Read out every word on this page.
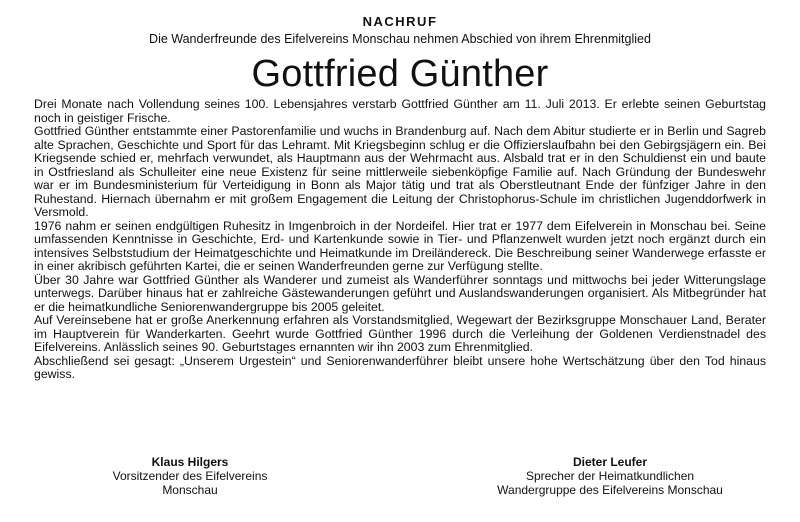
NACHRUF
Die Wanderfreunde des Eifelvereins Monschau nehmen Abschied von ihrem Ehrenmitglied
Gottfried Günther

Drei Monate nach Vollendung seines 100. Lebensjahres verstarb Gottfried Günther am 11. Juli 2013. Er erlebte seinen Geburtstag noch in geistiger Frische.

Gottfried Günther entstammte einer Pastorenfamilie und wuchs in Brandenburg auf. Nach dem Abitur studierte er in Berlin und Sagreb alte Sprachen, Geschichte und Sport für das Lehramt. Mit Kriegsbeginn schlug er die Offizierslaufbahn bei den Gebirgsjägern ein. Bei Kriegsende schied er, mehrfach verwundet, als Hauptmann aus der Wehrmacht aus. Alsbald trat er in den Schuldienst ein und baute in Ostfriesland als Schulleiter eine neue Existenz für seine mittlerweile siebenköpfige Familie auf. Nach Gründung der Bundeswehr war er im Bundesministerium für Verteidigung in Bonn als Major tätig und trat als Oberstleutnant Ende der fünfziger Jahre in den Ruhestand. Hiernach übernahm er mit großem Engagement die Leitung der Christophorus-Schule im christlichen Jugenddorfwerk in Versmold.

1976 nahm er seinen endgültigen Ruhesitz in Imgenbroich in der Nordeifel. Hier trat er 1977 dem Eifelverein in Monschau bei. Seine umfassenden Kenntnisse in Geschichte, Erd- und Kartenkunde sowie in Tier- und Pflanzenwelt wurden jetzt noch ergänzt durch ein intensives Selbststudium der Heimatgeschichte und Heimatkunde im Dreiländereck. Die Beschreibung seiner Wanderwege erfasste er in einer akribisch geführten Kartei, die er seinen Wanderfreunden gerne zur Verfügung stellte.

Über 30 Jahre war Gottfried Günther als Wanderer und zumeist als Wanderführer sonntags und mittwochs bei jeder Witterungslage unterwegs. Darüber hinaus hat er zahlreiche Gästewanderungen geführt und Auslandswanderungen organisiert. Als Mitbegründer hat er die heimatkundliche Seniorenwandergruppe bis 2005 geleitet.

Auf Vereinsebene hat er große Anerkennung erfahren als Vorstandsmitglied, Wegewart der Bezirksgruppe Monschauer Land, Berater im Hauptverein für Wanderkarten. Geehrt wurde Gottfried Günther 1996 durch die Verleihung der Goldenen Verdienstnadel des Eifelvereins. Anlässlich seines 90. Geburtstages ernannten wir ihn 2003 zum Ehrenmitglied.

Abschließend sei gesagt: „Unserem Urgestein“ und Seniorenwanderführer bleibt unsere hohe Wertschätzung über den Tod hinaus gewiss.

Klaus Hilgers
Vorsitzender des Eifelvereins
Monschau
Dieter Leufer
Sprecher der Heimatkundlichen
Wandergruppe des Eifelvereins Monschau
